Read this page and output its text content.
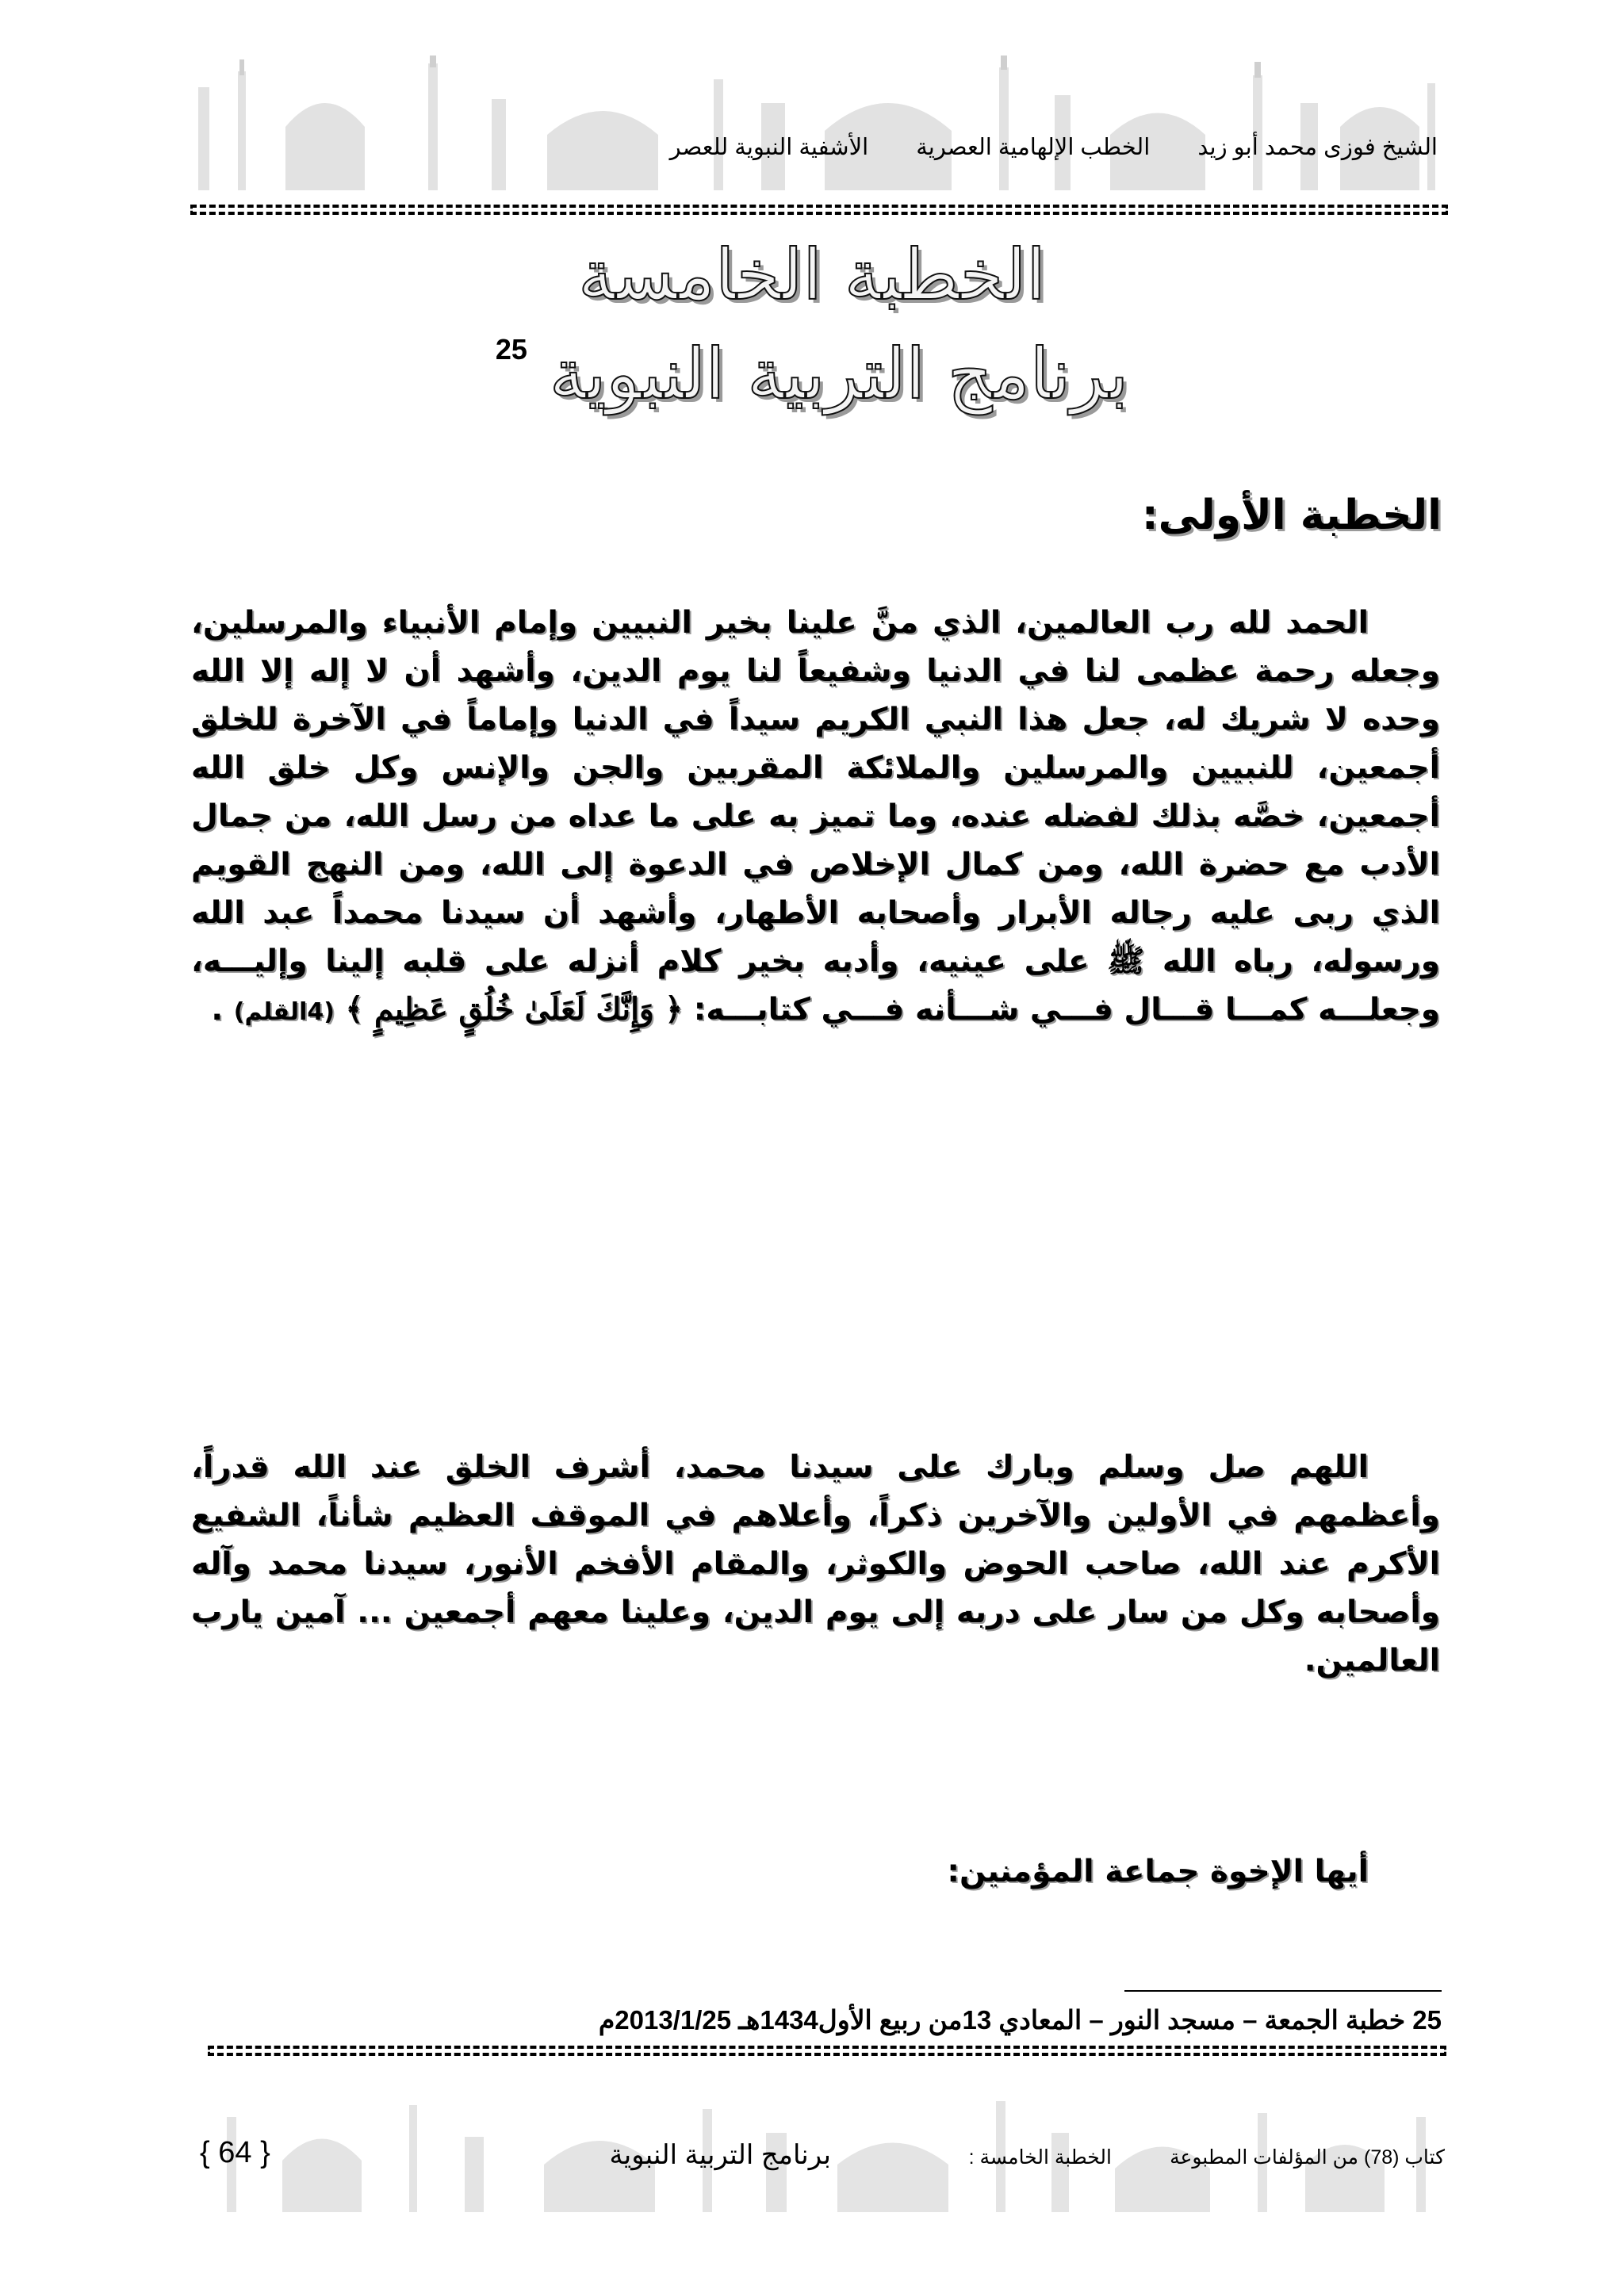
الشيخ فوزى محمد أبو زيدالخطب الإلهامية العصريةالأشفية النبوية للعصر
الخطبة الخامسة
برنامج التربية النبوية $^{25}$
الخطبة الأولى:

الحمد لله رب العالمين، الذي منَّ علينا بخير النبيين وإمام الأنبياء والمرسلين، وجعله رحمة عظمى لنا في الدنيا وشفيعاً لنا يوم الدين، وأشهد أن لا إله إلا الله وحده لا شريك له، جعل هذا النبي الكريم سيداً في الدنيا وإماماً في الآخرة للخلق أجمعين، للنبيين والمرسلين والملائكة المقربين والجن والإنس وكل خلق الله أجمعين، خصَّه بذلك لفضله عنده، وما تميز به على ما عداه من رسل الله، من جمال الأدب مع حضرة الله، ومن كمال الإخلاص في الدعوة إلى الله، ومن النهج القويم الذي ربى عليه رجاله الأبرار وأصحابه الأطهار، وأشهد أن سيدنا محمداً عبد الله ورسوله، رباه الله ﷺ على عينيه، وأدبه بخير كلام أنزله على قلبه إلينا وإليـــه، وجعلـــه كمـــا قـــال فـــي شـــأنه فـــي كتابـــه: ﴿ وَإِنَّكَ لَعَلَىٰ خُلُقٍ عَظِيمٍ ﴾ (4القلم) .

اللهم صل وسلم وبارك على سيدنا محمد، أشرف الخلق عند الله قدراً، وأعظمهم في الأولين والآخرين ذكراً، وأعلاهم في الموقف العظيم شأناً، الشفيع الأكرم عند الله، صاحب الحوض والكوثر، والمقام الأفخم الأنور، سيدنا محمد وآله وأصحابه وكل من سار على دربه إلى يوم الدين، وعلينا معهم أجمعين ... آمين يارب العالمين.

أيها الإخوة جماعة المؤمنين:

25 خطبة الجمعة – مسجد النور – المعادي 13من ربيع الأول1434هـ 2013/1/25م
كتاب (78) من المؤلفات المطبوعة
الخطبة الخامسة :
برنامج التربية النبوية
{ 64 }
